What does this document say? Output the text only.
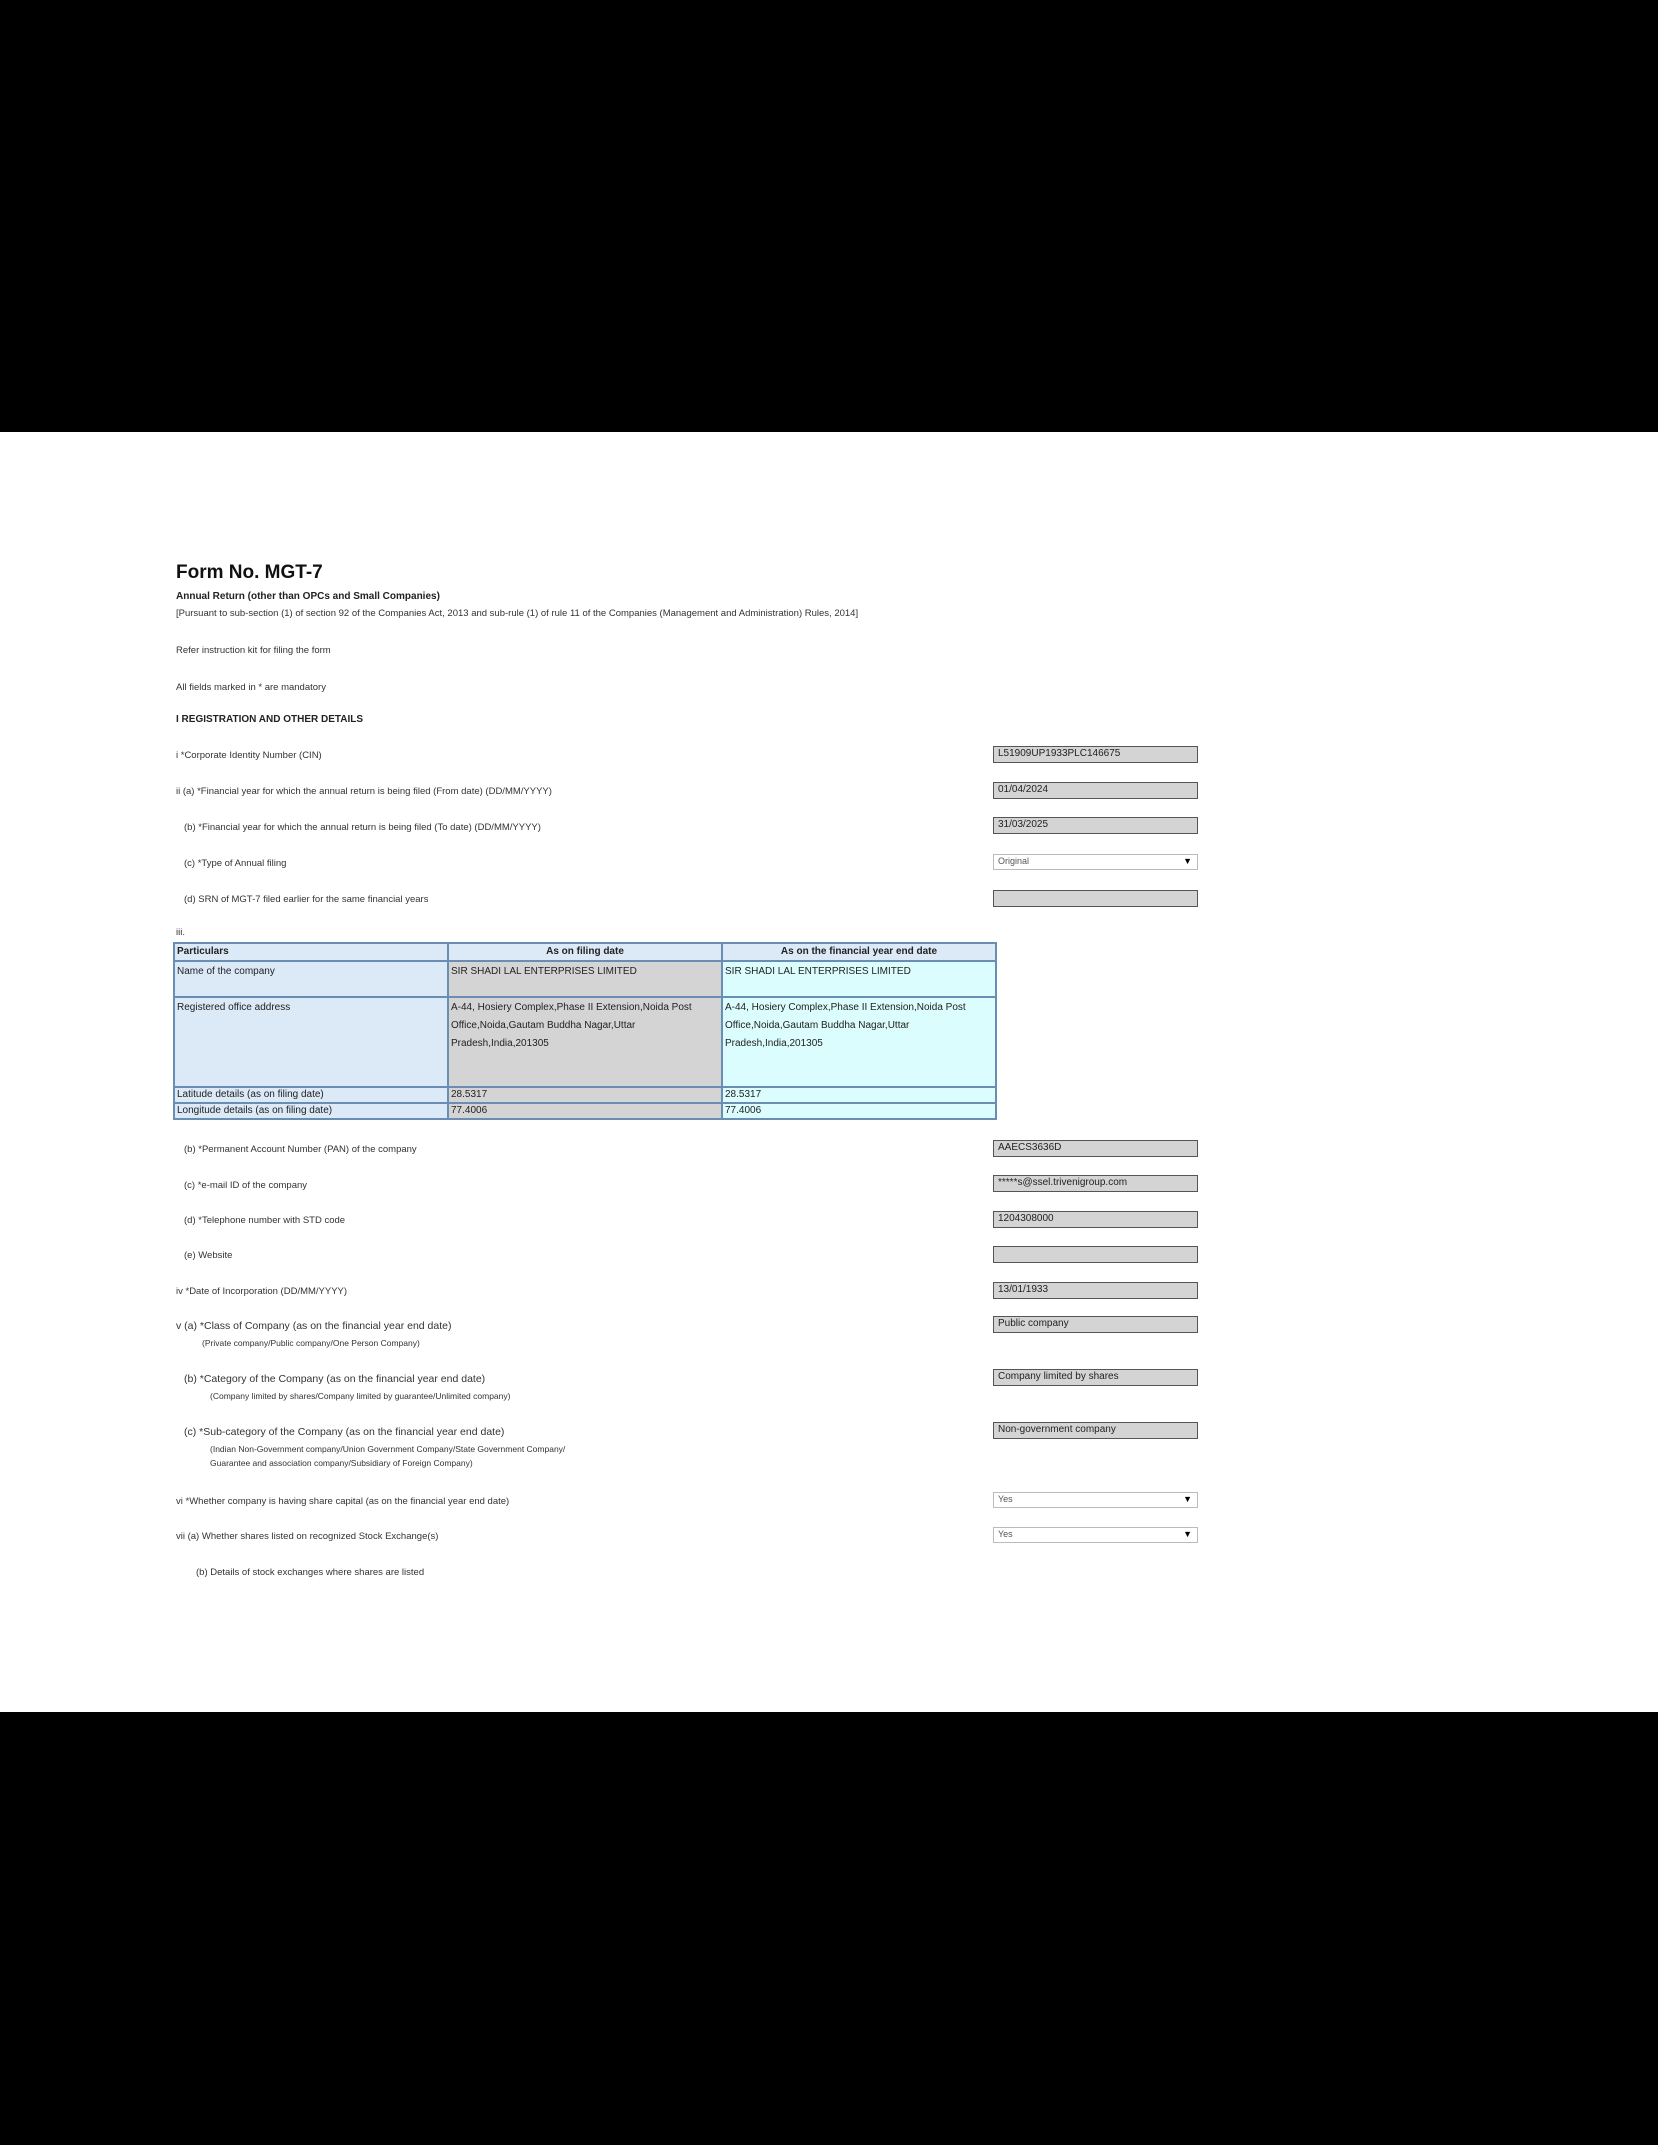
Form No. MGT-7
Annual Return (other than OPCs and Small Companies)
[Pursuant to sub-section (1) of section 92 of the Companies Act, 2013 and sub-rule (1) of rule 11 of the Companies (Management and Administration) Rules, 2014]
Refer instruction kit for filing the form
All fields marked in * are mandatory
I REGISTRATION AND OTHER DETAILS
i *Corporate Identity Number (CIN)	L51909UP1933PLC146675
ii (a) *Financial year for which the annual return is being filed (From date) (DD/MM/YYYY)	01/04/2024
(b) *Financial year for which the annual return is being filed (To date) (DD/MM/YYYY)	31/03/2025
(c) *Type of Annual filing	Original	▼
(d) SRN of MGT-7 filed earlier for the same financial years
iii.
Particulars	As on filing date	As on the financial year end date
Name of the company	SIR SHADI LAL ENTERPRISES LIMITED	SIR SHADI LAL ENTERPRISES LIMITED
Registered office address	A-44, Hosiery Complex,Phase II Extension,Noida Post Office,Noida,Gautam Buddha Nagar,Uttar Pradesh,India,201305	A-44, Hosiery Complex,Phase II Extension,Noida Post Office,Noida,Gautam Buddha Nagar,Uttar Pradesh,India,201305
Latitude details (as on filing date)	28.5317	28.5317
Longitude details (as on filing date)	77.4006	77.4006
(b) *Permanent Account Number (PAN) of the company	AAECS3636D
(c) *e-mail ID of the company	*****s@ssel.trivenigroup.com
(d) *Telephone number with STD code	1204308000
(e) Website
iv *Date of Incorporation (DD/MM/YYYY)	13/01/1933
v (a) *Class of Company (as on the financial year end date)
(Private company/Public company/One Person Company)
Public company
(b) *Category of the Company (as on the financial year end date)
(Company limited by shares/Company limited by guarantee/Unlimited company)
Company limited by shares
(c) *Sub-category of the Company (as on the financial year end date)
(Indian Non-Government company/Union Government Company/State Government Company/
Guarantee and association company/Subsidiary of Foreign Company)
Non-government company
vi *Whether company is having share capital (as on the financial year end date)	Yes	▼
vii (a) Whether shares listed on recognized Stock Exchange(s)	Yes	▼
(b) Details of stock exchanges where shares are listed
